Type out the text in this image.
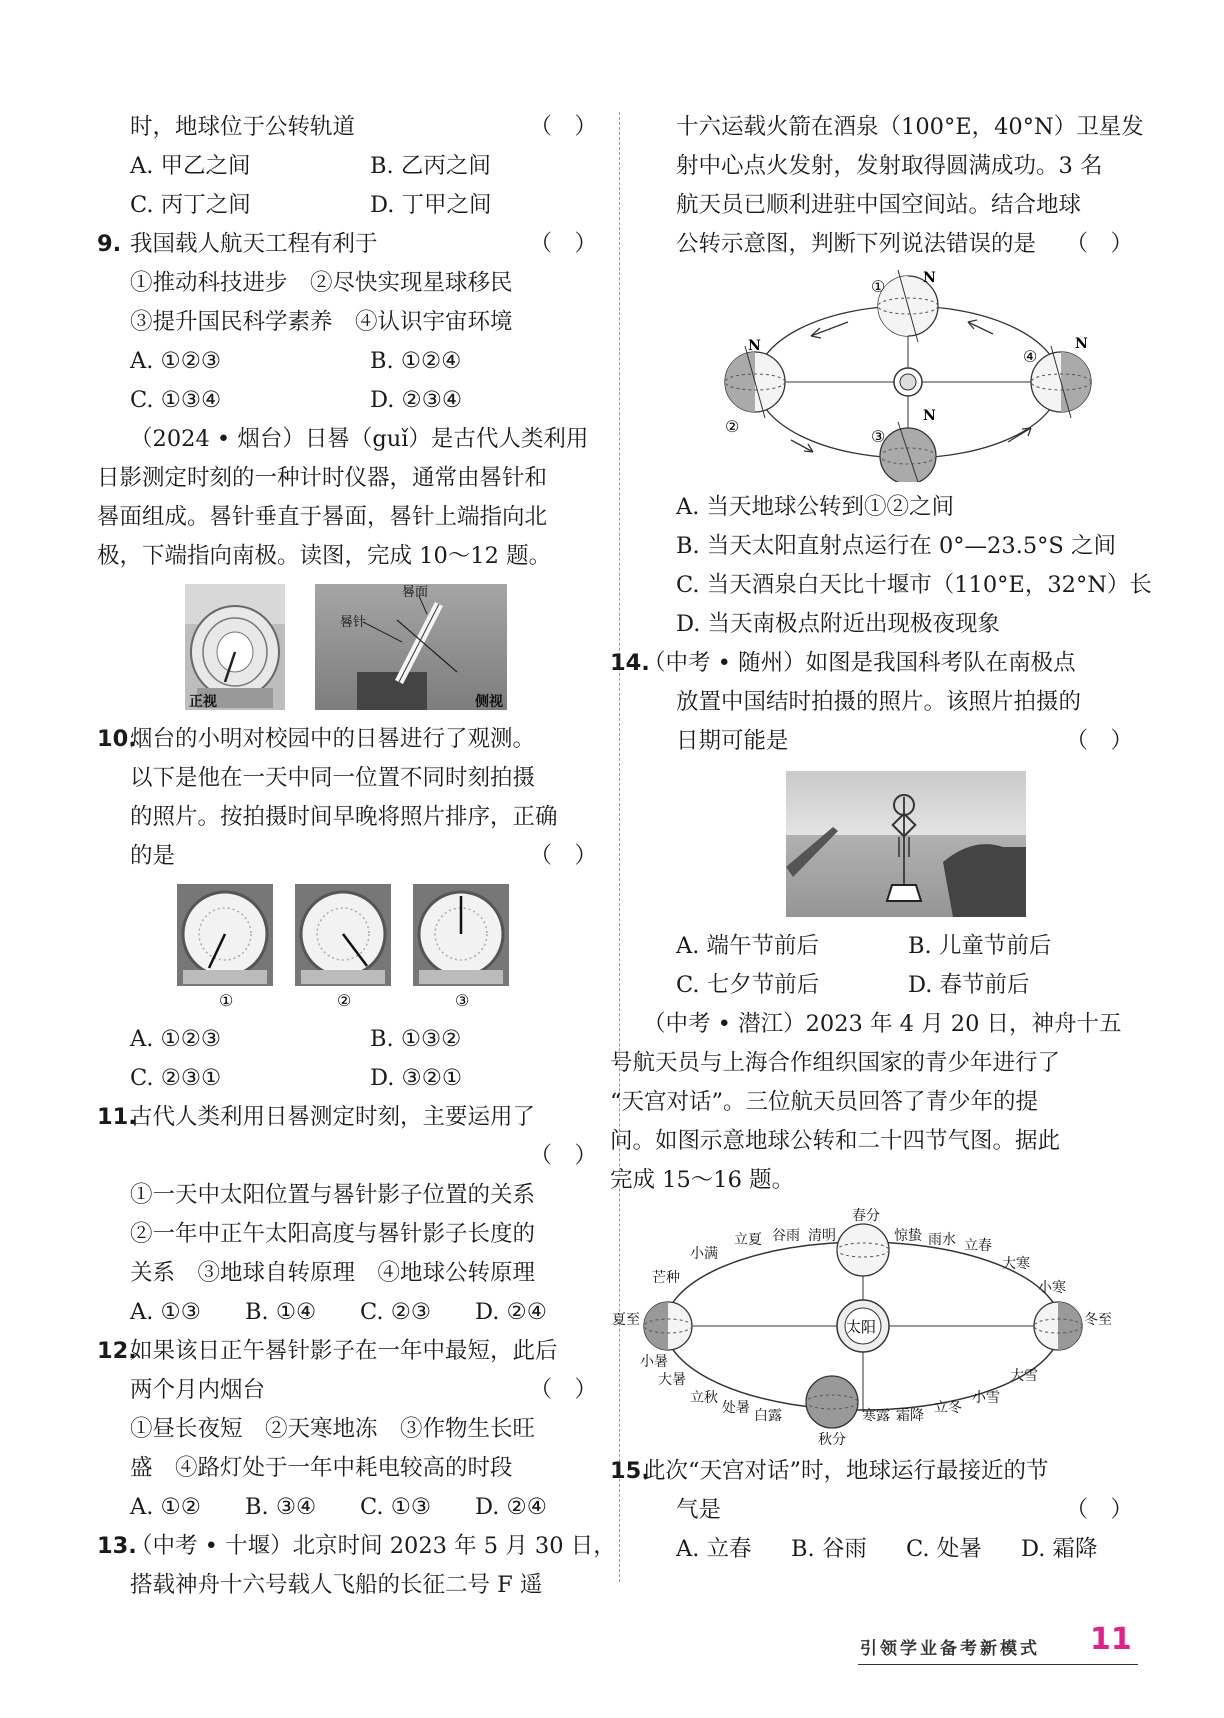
时，地球位于公转轨道	（　）
A. 甲乙之间	B. 乙丙之间
C. 丙丁之间	D. 丁甲之间
9. 我国载人航天工程有利于	（　）
①推动科技进步　②尽快实现星球移民
③提升国民科学素养　④认识宇宙环境
A. ①②③	B. ①②④
C. ①③④	D. ②③④
（2024 • 烟台）日晷（guǐ）是古代人类利用
日影测定时刻的一种计时仪器，通常由晷针和
晷面组成。晷针垂直于晷面，晷针上端指向北
极，下端指向南极。读图，完成 10～12 题。
正视
晷面
晷针
侧视
10.烟台的小明对校园中的日晷进行了观测。
以下是他在一天中同一位置不同时刻拍摄
的照片。按拍摄时间早晚将照片排序，正确
的是	（　）
①	②	③
A. ①②③	B. ①③②
C. ②③①	D. ③②①
11.古代人类利用日晷测定时刻，主要运用了
（　）
①一天中太阳位置与晷针影子位置的关系
②一年中正午太阳高度与晷针影子长度的
关系　③地球自转原理　④地球公转原理
A. ①③ B. ①④ C. ②③ D. ②④
12.如果该日正午晷针影子在一年中最短，此后
两个月内烟台	（　）
①昼长夜短　②天寒地冻　③作物生长旺
盛　④路灯处于一年中耗电较高的时段
A. ①② B. ③④ C. ①③ D. ②④
13.（中考 • 十堰）北京时间 2023 年 5 月 30 日，
搭载神舟十六号载人飞船的长征二号 F 遥
十六运载火箭在酒泉（100°E，40°N）卫星发
射中心点火发射，发射取得圆满成功。3 名
航天员已顺利进驻中国空间站。结合地球
公转示意图，判断下列说法错误的是 （　）
N
①
N
②
N
③
N
④
A. 当天地球公转到①②之间
B. 当天太阳直射点运行在 0°—23.5°S 之间
C. 当天酒泉白天比十堰市（110°E，32°N）长
D. 当天南极点附近出现极夜现象
14.（中考 • 随州）如图是我国科考队在南极点
放置中国结时拍摄的照片。该照片拍摄的
日期可能是	（　）
A. 端午节前后	B. 儿童节前后
C. 七夕节前后	D. 春节前后
（中考 • 潜江）2023 年 4 月 20 日，神舟十五
号航天员与上海合作组织国家的青少年进行了
“天宫对话”。三位航天员回答了青少年的提
问。如图示意地球公转和二十四节气图。据此
完成 15～16 题。
太阳
春分
秋分
夏至	冬至
立夏 谷雨 清明	惊蛰 雨水 立春
小满
芒种
大寒
小寒
小暑
大暑
立秋
处暑 白露	寒露 霜降 立冬
小雪
大雪
15.此次“天宫对话”时，地球运行最接近的节
气是	（　）
A. 立春 B. 谷雨 C. 处暑 D. 霜降
引领学业备考新模式 11
